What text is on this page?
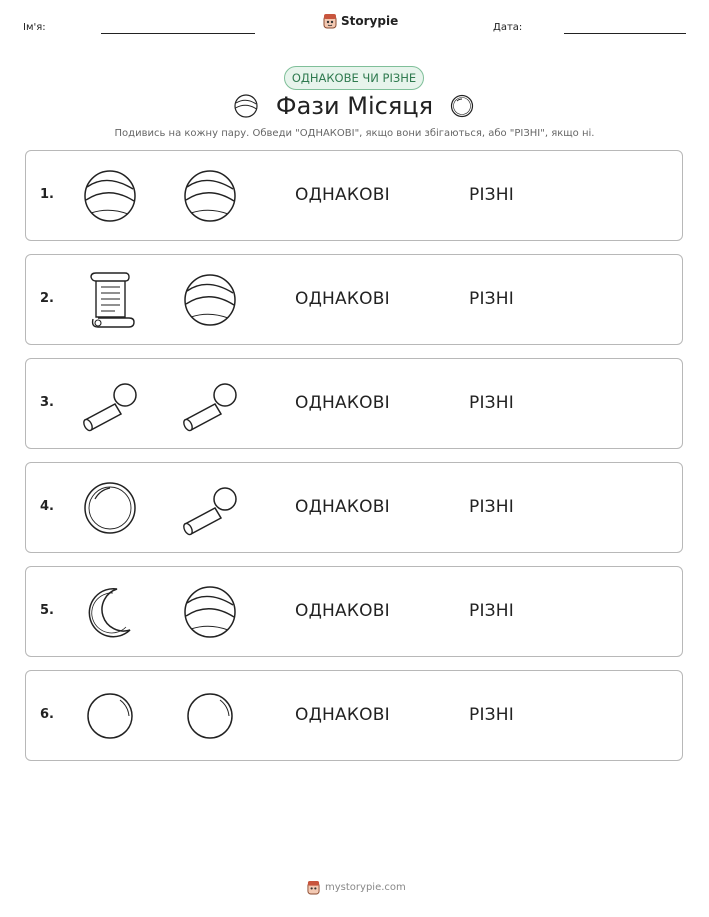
Ім'я:	Storypie	Дата:
ОДНАКОВЕ ЧИ РІЗНЕ
Фази Місяця
Подивись на кожну пару. Обведи "ОДНАКОВІ", якщо вони збігаються, або "РІЗНІ", якщо ні.
1.	ОДНАКОВІ	РІЗНІ
2.	ОДНАКОВІ	РІЗНІ
3.	ОДНАКОВІ	РІЗНІ
4.	ОДНАКОВІ	РІЗНІ
5.	ОДНАКОВІ	РІЗНІ
6.	ОДНАКОВІ	РІЗНІ
mystorypie.com
